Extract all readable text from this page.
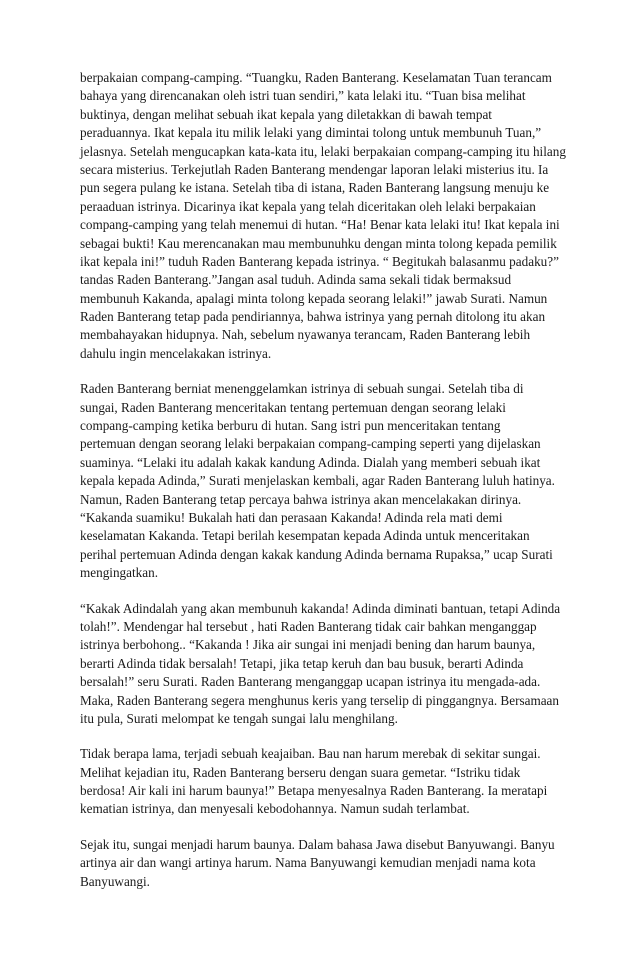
berpakaian compang-camping. “Tuangku, Raden Banterang. Keselamatan Tuan terancam
bahaya yang direncanakan oleh istri tuan sendiri,” kata lelaki itu. “Tuan bisa melihat
buktinya, dengan melihat sebuah ikat kepala yang diletakkan di bawah tempat
peraduannya. Ikat kepala itu milik lelaki yang dimintai tolong untuk membunuh Tuan,”
jelasnya. Setelah mengucapkan kata-kata itu, lelaki berpakaian compang-camping itu hilang
secara misterius. Terkejutlah Raden Banterang mendengar laporan lelaki misterius itu. Ia
pun segera pulang ke istana. Setelah tiba di istana, Raden Banterang langsung menuju ke
peraaduan istrinya. Dicarinya ikat kepala yang telah diceritakan oleh lelaki berpakaian
compang-camping yang telah menemui di hutan. “Ha! Benar kata lelaki itu! Ikat kepala ini
sebagai bukti! Kau merencanakan mau membunuhku dengan minta tolong kepada pemilik
ikat kepala ini!” tuduh Raden Banterang kepada istrinya. “ Begitukah balasanmu padaku?”
tandas Raden Banterang.”Jangan asal tuduh. Adinda sama sekali tidak bermaksud
membunuh Kakanda, apalagi minta tolong kepada seorang lelaki!” jawab Surati. Namun
Raden Banterang tetap pada pendiriannya, bahwa istrinya yang pernah ditolong itu akan
membahayakan hidupnya. Nah, sebelum nyawanya terancam, Raden Banterang lebih
dahulu ingin mencelakakan istrinya.
Raden Banterang berniat menenggelamkan istrinya di sebuah sungai. Setelah tiba di
sungai, Raden Banterang menceritakan tentang pertemuan dengan seorang lelaki
compang-camping ketika berburu di hutan. Sang istri pun menceritakan tentang
pertemuan dengan seorang lelaki berpakaian compang-camping seperti yang dijelaskan
suaminya. “Lelaki itu adalah kakak kandung Adinda. Dialah yang memberi sebuah ikat
kepala kepada Adinda,” Surati menjelaskan kembali, agar Raden Banterang luluh hatinya.
Namun, Raden Banterang tetap percaya bahwa istrinya akan mencelakakan dirinya.
“Kakanda suamiku! Bukalah hati dan perasaan Kakanda! Adinda rela mati demi
keselamatan Kakanda. Tetapi berilah kesempatan kepada Adinda untuk menceritakan
perihal pertemuan Adinda dengan kakak kandung Adinda bernama Rupaksa,” ucap Surati
mengingatkan.
“Kakak Adindalah yang akan membunuh kakanda! Adinda diminati bantuan, tetapi Adinda
tolah!”. Mendengar hal tersebut , hati Raden Banterang tidak cair bahkan menganggap
istrinya berbohong.. “Kakanda ! Jika air sungai ini menjadi bening dan harum baunya,
berarti Adinda tidak bersalah! Tetapi, jika tetap keruh dan bau busuk, berarti Adinda
bersalah!” seru Surati. Raden Banterang menganggap ucapan istrinya itu mengada-ada.
Maka, Raden Banterang segera menghunus keris yang terselip di pinggangnya. Bersamaan
itu pula, Surati melompat ke tengah sungai lalu menghilang.
Tidak berapa lama, terjadi sebuah keajaiban. Bau nan harum merebak di sekitar sungai.
Melihat kejadian itu, Raden Banterang berseru dengan suara gemetar. “Istriku tidak
berdosa! Air kali ini harum baunya!” Betapa menyesalnya Raden Banterang. Ia meratapi
kematian istrinya, dan menyesali kebodohannya. Namun sudah terlambat.
Sejak itu, sungai menjadi harum baunya. Dalam bahasa Jawa disebut Banyuwangi. Banyu
artinya air dan wangi artinya harum. Nama Banyuwangi kemudian menjadi nama kota
Banyuwangi.
